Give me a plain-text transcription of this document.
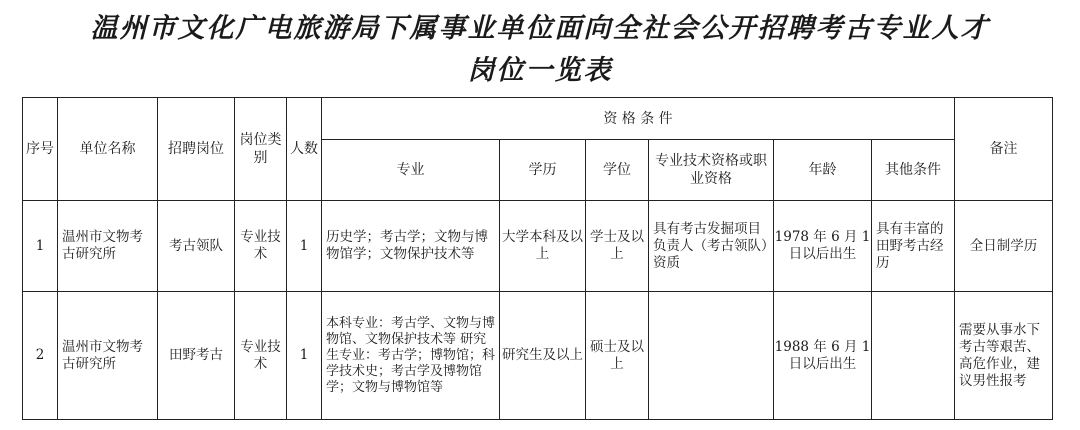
温州市文化广电旅游局下属事业单位面向全社会公开招聘考古专业人才
岗位一览表
序号	单位名称	招聘岗位	岗位类别	人数	资 格 条 件						备注
					专业	学历	学位	专业技术资格或职业资格	年龄	其他条件	
1	温州市文物考古研究所	考古领队	专业技术	1	历史学；考古学；文物与博物馆学；文物保护技术等	大学本科及以上	学士及以上	具有考古发掘项目负责人（考古领队）资质	1978 年 6 月 1 日以后出生	具有丰富的田野考古经历	全日制学历
2	温州市文物考古研究所	田野考古	专业技术	1	本科专业：考古学、文物与博物馆、文物保护技术等 研究生专业：考古学；博物馆；科学技术史；考古学及博物馆学；文物与博物馆等	研究生及以上	硕士及以上		1988 年 6 月 1 日以后出生		需要从事水下考古等艰苦、高危作业，建议男性报考
